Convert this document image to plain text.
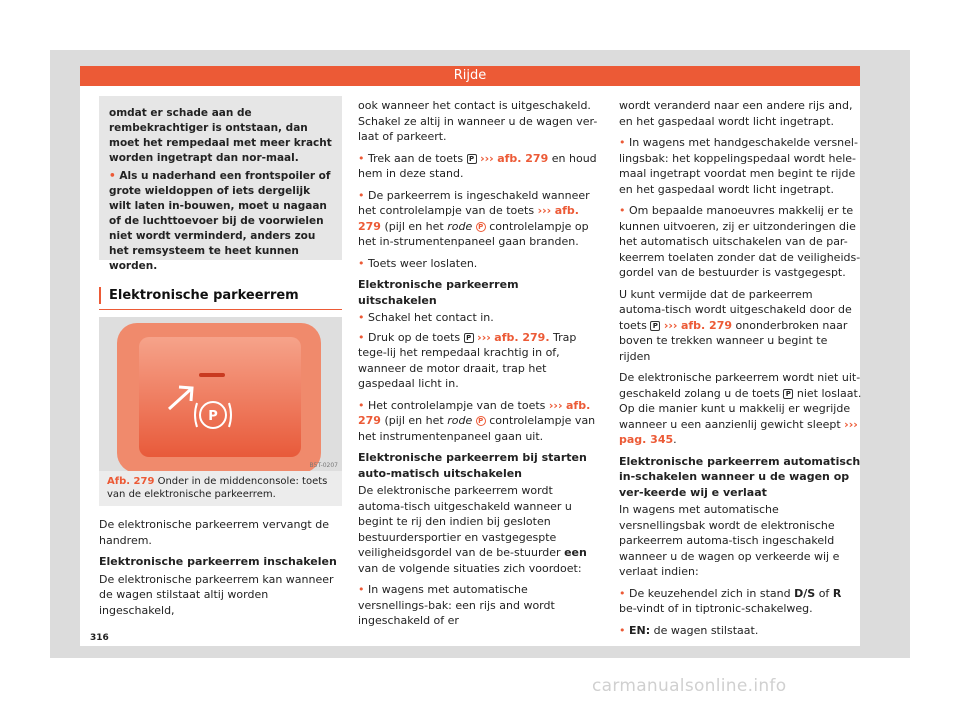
Rijde

omdat er schade aan de rembekrachtiger is ontstaan, dan moet het rempedaal met meer kracht worden ingetrapt dan nor-maal.

• Als u naderhand een frontspoiler of grote wieldoppen of iets dergelijk wilt laten in-bouwen, moet u nagaan of de luchttoevoer bij de voorwielen niet wordt verminderd, anders zou het remsysteem te heet kunnen worden.

Elektronische parkeerrem
P
B5T-0207
Afb. 279 Onder in de middenconsole: toets van de elektronische parkeerrem.

De elektronische parkeerrem vervangt de handrem.

Elektronische parkeerrem inschakelen

De elektronische parkeerrem kan wanneer de wagen stilstaat altij worden ingeschakeld,

ook wanneer het contact is uitgeschakeld. Schakel ze altij in wanneer u de wagen ver-laat of parkeert.

• Trek aan de toets P ››› afb. 279 en houd hem in deze stand.

• De parkeerrem is ingeschakeld wanneer het controlelampje van de toets ››› afb. 279 (pijl en het rode P controlelampje op het in-strumentenpaneel gaan branden.

• Toets weer loslaten.

Elektronische parkeerrem uitschakelen

• Schakel het contact in.

• Druk op de toets P ››› afb. 279. Trap tege-lij het rempedaal krachtig in of, wanneer de motor draait, trap het gaspedaal licht in.

• Het controlelampje van de toets ››› afb. 279 (pijl en het rode P controlelampje van het instrumentenpaneel gaan uit.

Elektronische parkeerrem bij starten auto-matisch uitschakelen

De elektronische parkeerrem wordt automa-tisch uitgeschakeld wanneer u begint te rij den indien bij gesloten bestuurdersportier en vastgegespte veiligheidsgordel van de be-stuurder een van de volgende situaties zich voordoet:

• In wagens met automatische versnellings-bak: een rijs and wordt ingeschakeld of er

wordt veranderd naar een andere rijs and, en het gaspedaal wordt licht ingetrapt.

• In wagens met handgeschakelde versnel-lingsbak: het koppelingspedaal wordt hele-maal ingetrapt voordat men begint te rijde en het gaspedaal wordt licht ingetrapt.

• Om bepaalde manoeuvres makkelij er te kunnen uitvoeren, zij er uitzonderingen die het automatisch uitschakelen van de par-keerrem toelaten zonder dat de veiligheids-gordel van de bestuurder is vastgegespt.

U kunt vermijde dat de parkeerrem automa-tisch wordt uitgeschakeld door de toets P ››› afb. 279 ononderbroken naar boven te trekken wanneer u begint te rijden

De elektronische parkeerrem wordt niet uit-geschakeld zolang u de toets P niet loslaat. Op die manier kunt u makkelij er wegrijde wanneer u een aanzienlij gewicht sleept ››› pag. 345.

Elektronische parkeerrem automatisch in-schakelen wanneer u de wagen op ver-keerde wij e verlaat

In wagens met automatische versnellingsbak wordt de elektronische parkeerrem automa-tisch ingeschakeld wanneer u de wagen op verkeerde wij e verlaat indien:

• De keuzehendel zich in stand D/S of R be-vindt of in tiptronic-schakelweg.

• EN: de wagen stilstaat.

316
carmanualsonline.info
